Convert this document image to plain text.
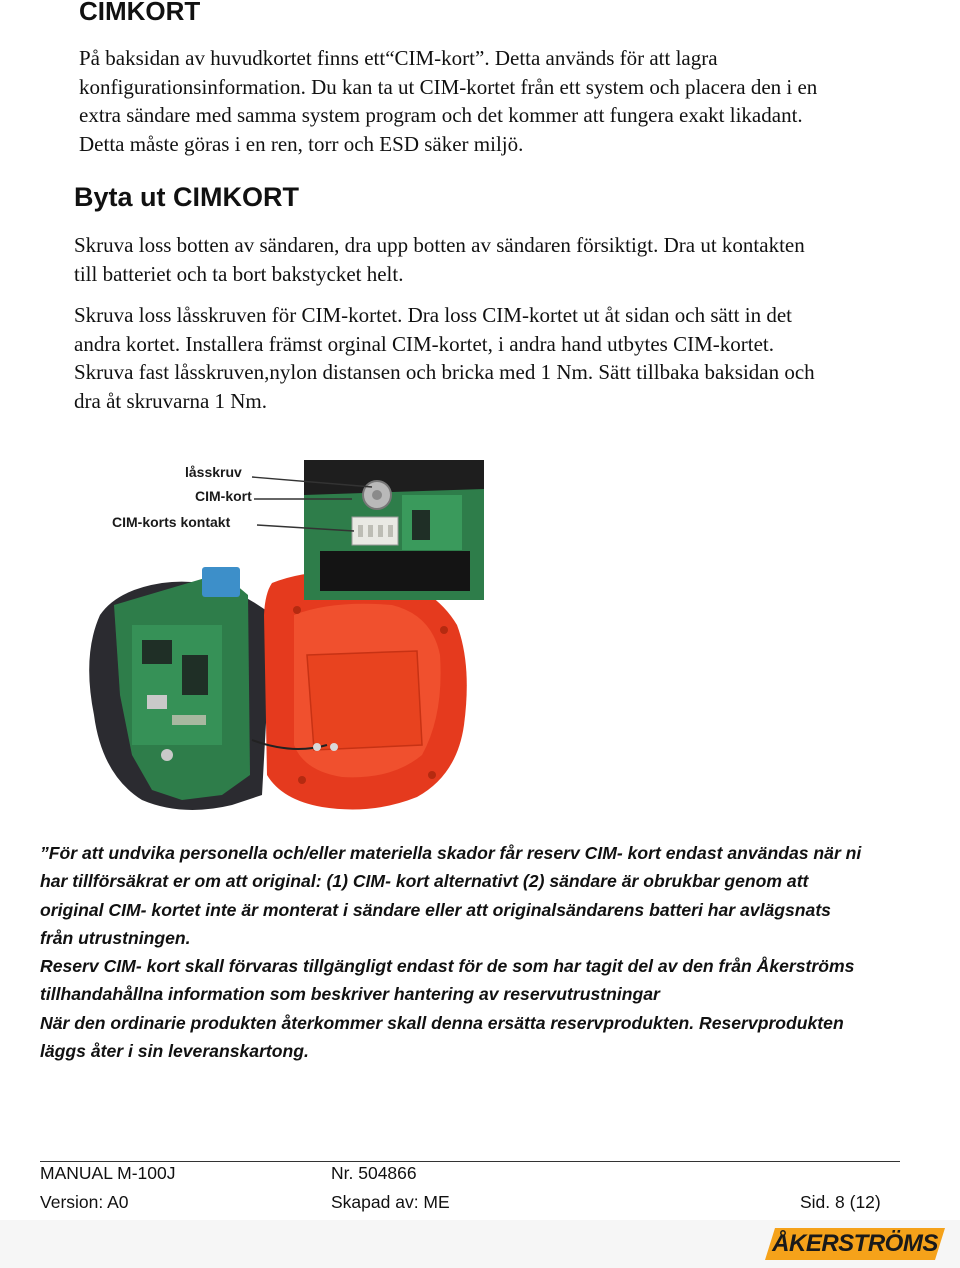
CIMKORT
På baksidan av huvudkortet finns ett“CIM-kort”. Detta används för att lagra
konfigurationsinformation. Du kan ta ut CIM-kortet från ett system och placera den i en
extra sändare med samma system program och det kommer att fungera exakt likadant.
Detta måste göras i en ren, torr och ESD säker miljö.
Byta ut CIMKORT
Skruva loss botten av sändaren, dra upp botten av sändaren försiktigt. Dra ut kontakten
till batteriet och ta bort bakstycket helt.
Skruva loss låsskruven för CIM-kortet. Dra loss CIM-kortet ut åt sidan och sätt in det
andra kortet. Installera främst orginal CIM-kortet, i andra hand utbytes CIM-kortet.
Skruva fast låsskruven,nylon distansen och bricka med 1 Nm. Sätt tillbaka baksidan och
dra åt skruvarna 1 Nm.
låsskruv
CIM-kort
CIM-korts kontakt
”För att undvika personella och/eller materiella skador får reserv CIM- kort endast användas när ni
har tillförsäkrat er om att original: (1) CIM- kort alternativt (2) sändare är obrukbar genom att
original CIM- kortet inte är monterat i sändare eller att originalsändarens batteri har avlägsnats
från utrustningen.
Reserv CIM- kort skall förvaras tillgängligt endast för de som har tagit del av den från Åkerströms
tillhandahållna information som beskriver hantering av reservutrustningar
När den ordinarie produkten återkommer skall denna ersätta reservprodukten. Reservprodukten
läggs åter i sin leveranskartong.
MANUAL M-100J	Nr. 504866
Version: A0	Skapad av: ME	Sid. 8 (12)
ÅKERSTRÖMS
